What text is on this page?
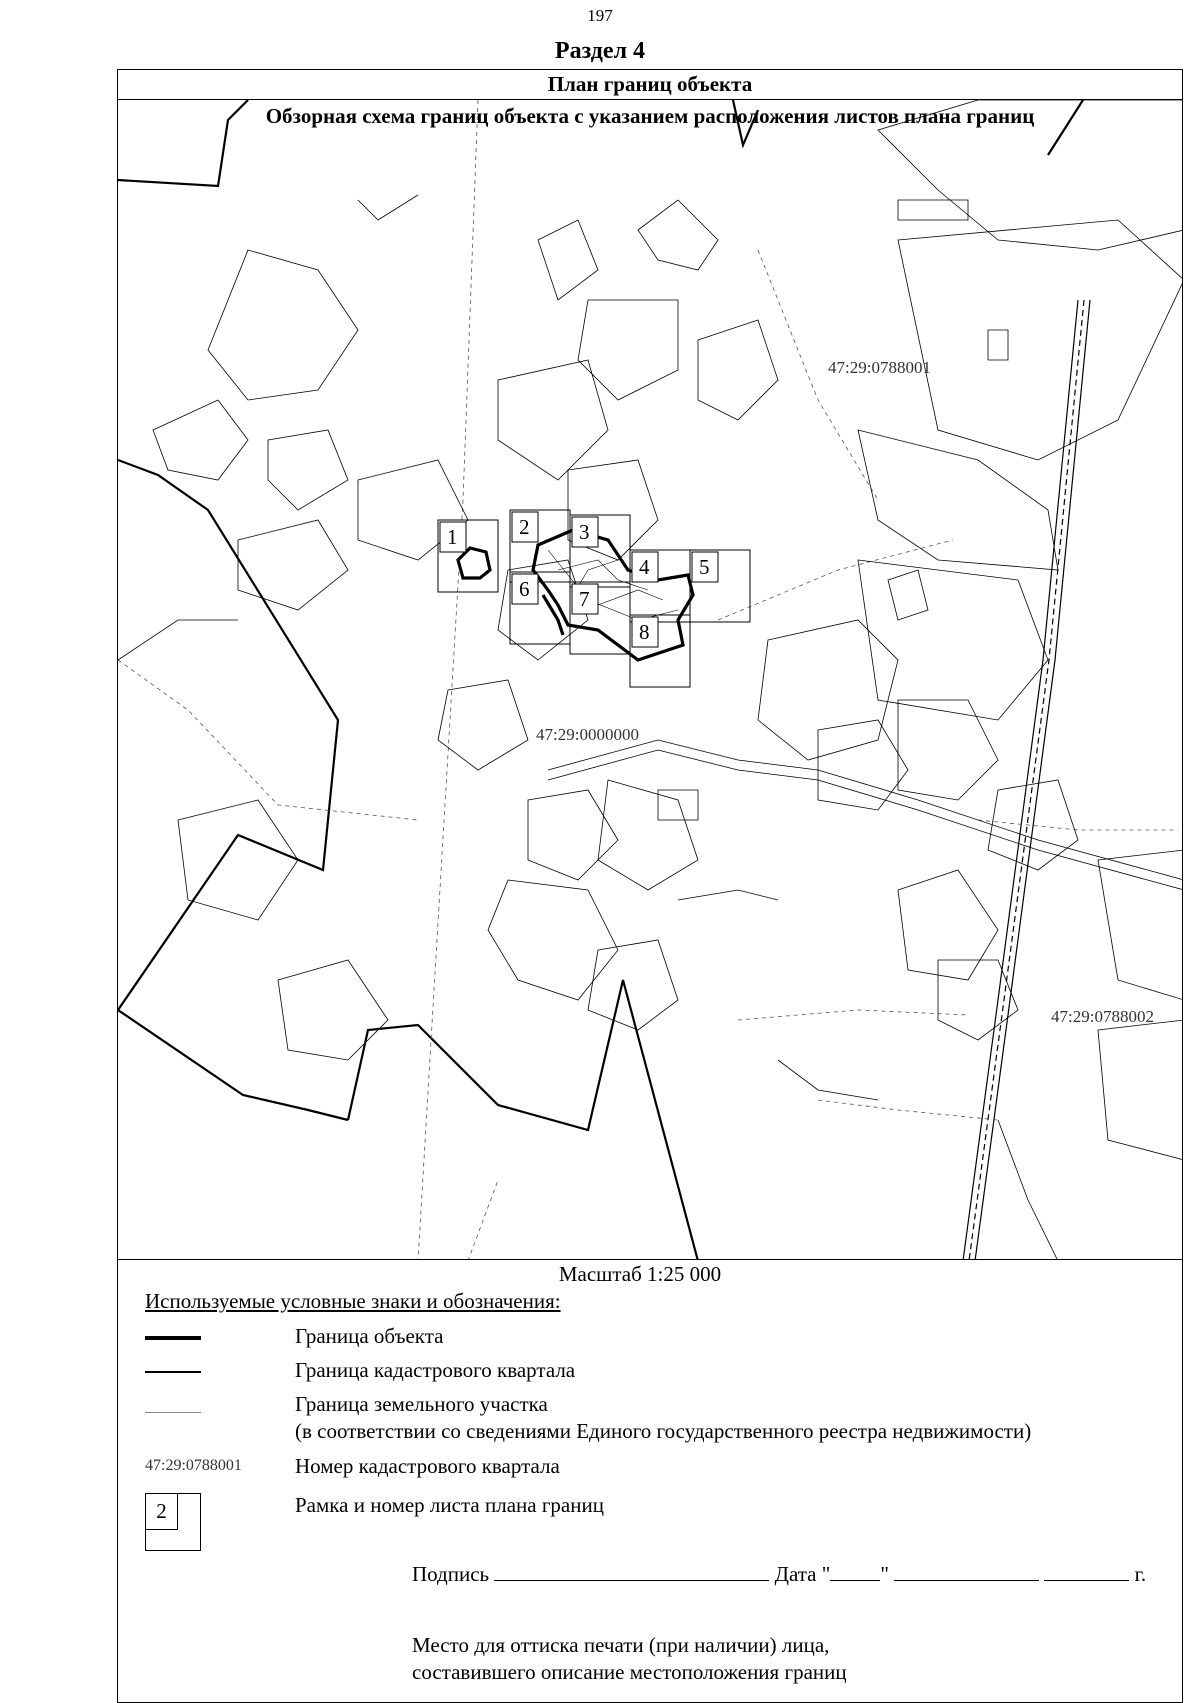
197
Раздел 4
План границ объекта
1	2 3
4 5
6 7
8
47:29:0788001
47:29:0788002
47:29:0000000
Обзорная схема границ объекта с указанием расположения листов плана границ
Масштаб 1:25 000
Используемые условные знаки и обозначения:
Граница объекта
Граница кадастрового квартала
Граница земельного участка
(в соответствии со сведениями Единого государственного реестра недвижимости)
47:29:0788001	Номер кадастрового квартала
2	Рамка и номер листа плана границ
Подпись	Дата " "	г.
Место для оттиска печати (при наличии) лица,
составившего описание местоположения границ
